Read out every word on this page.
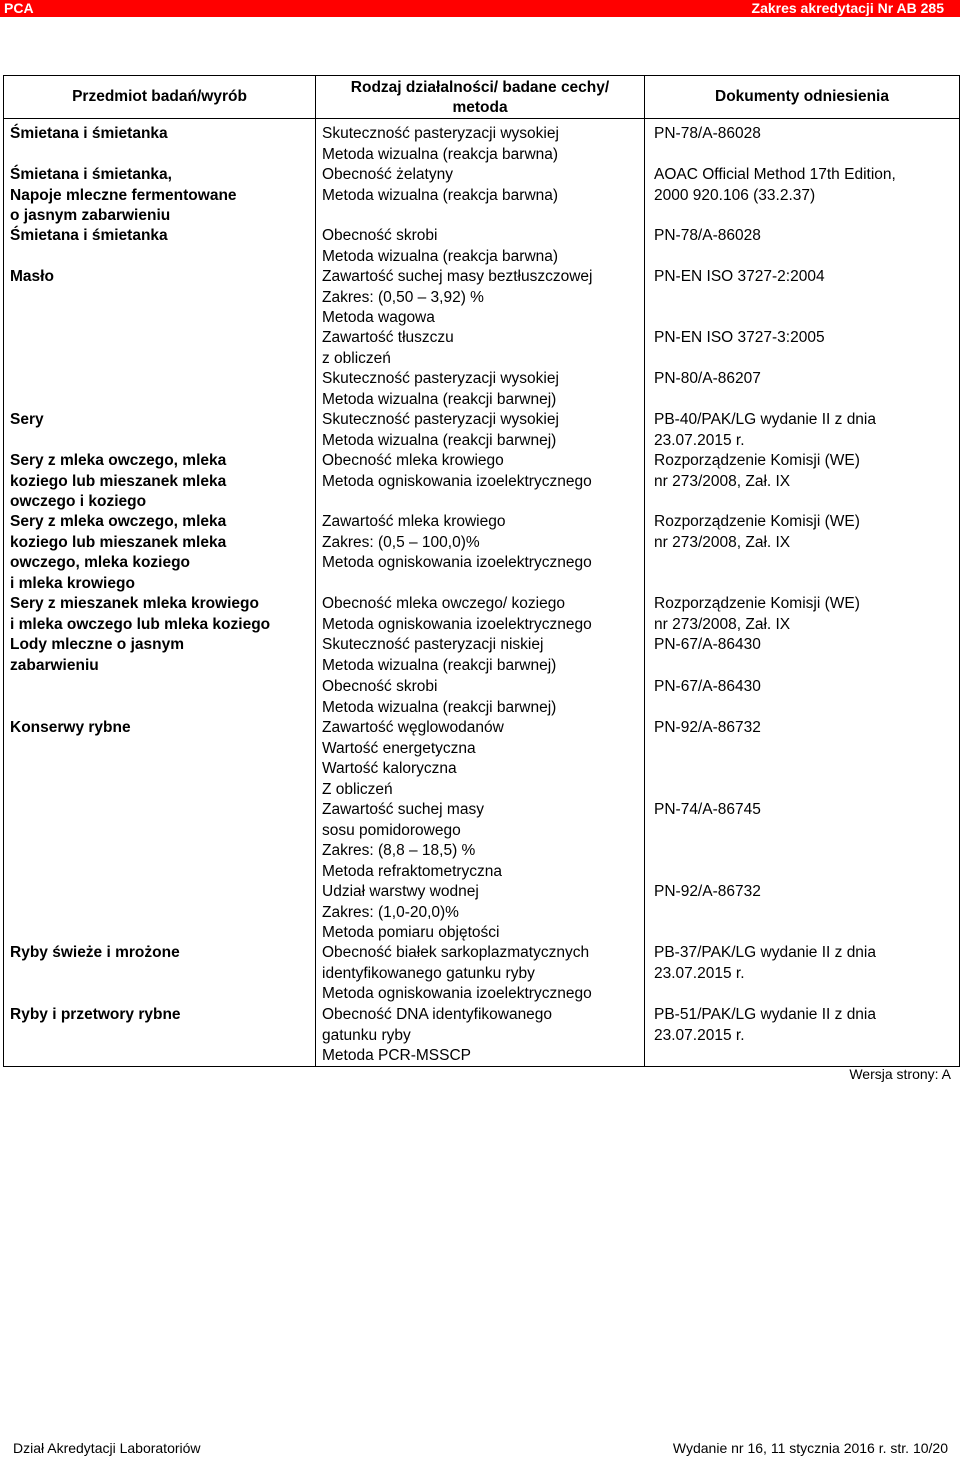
PCA	Zakres akredytacji Nr AB 285
Przedmiot badań/wyrób
Rodzaj działalności/ badane cechy/
metoda
Dokumenty odniesienia
Śmietana i śmietanka
Śmietana i śmietanka,
Napoje mleczne fermentowane
o jasnym zabarwieniu
Śmietana i śmietanka
Masło
Sery
Sery z mleka owczego, mleka
koziego lub mieszanek mleka
owczego i koziego
Sery z mleka owczego, mleka
koziego lub mieszanek mleka
owczego, mleka koziego
i mleka krowiego
Sery z mieszanek mleka krowiego
i mleka owczego lub mleka koziego
Lody mleczne o jasnym
zabarwieniu
Konserwy rybne
Ryby świeże i mrożone
Ryby i przetwory rybne
Skuteczność pasteryzacji wysokiej
Metoda wizualna (reakcja barwna)
Obecność żelatyny
Metoda wizualna (reakcja barwna)
Obecność skrobi
Metoda wizualna (reakcja barwna)
Zawartość suchej masy beztłuszczowej
Zakres: (0,50 ‒ 3,92) %
Metoda wagowa
Zawartość tłuszczu
z obliczeń
Skuteczność pasteryzacji wysokiej
Metoda wizualna (reakcji barwnej)
Skuteczność pasteryzacji wysokiej
Metoda wizualna (reakcji barwnej)
Obecność mleka krowiego
Metoda ogniskowania izoelektrycznego
Zawartość mleka krowiego
Zakres: (0,5 ‒ 100,0)%
Metoda ogniskowania izoelektrycznego
Obecność mleka owczego/ koziego
Metoda ogniskowania izoelektrycznego
Skuteczność pasteryzacji niskiej
Metoda wizualna (reakcji barwnej)
Obecność skrobi
Metoda wizualna (reakcji barwnej)
Zawartość węglowodanów
Wartość energetyczna
Wartość kaloryczna
Z obliczeń
Zawartość suchej masy
sosu pomidorowego
Zakres: (8,8 ‒ 18,5) %
Metoda refraktometryczna
Udział warstwy wodnej
Zakres: (1,0-20,0)%
Metoda pomiaru objętości
Obecność białek sarkoplazmatycznych
identyfikowanego gatunku ryby
Metoda ogniskowania izoelektrycznego
Obecność DNA identyfikowanego
gatunku ryby
Metoda PCR-MSSCP
PN-78/A-86028
AOAC Official Method 17th Edition,
2000 920.106 (33.2.37)
PN-78/A-86028
PN-EN ISO 3727-2:2004
PN-EN ISO 3727-3:2005
PN-80/A-86207
PB-40/PAK/LG wydanie II z dnia
23.07.2015 r.
Rozporządzenie Komisji (WE)
nr 273/2008, Zał. IX
Rozporządzenie Komisji (WE)
nr 273/2008, Zał. IX
Rozporządzenie Komisji (WE)
nr 273/2008, Zał. IX
PN-67/A-86430
PN-67/A-86430
PN-92/A-86732
PN-74/A-86745
PN-92/A-86732
PB-37/PAK/LG wydanie II z dnia
23.07.2015 r.
PB-51/PAK/LG wydanie II z dnia
23.07.2015 r.
Wersja strony: A
Dział Akredytacji Laboratoriów	Wydanie nr 16, 11 stycznia 2016 r. str. 10/20
